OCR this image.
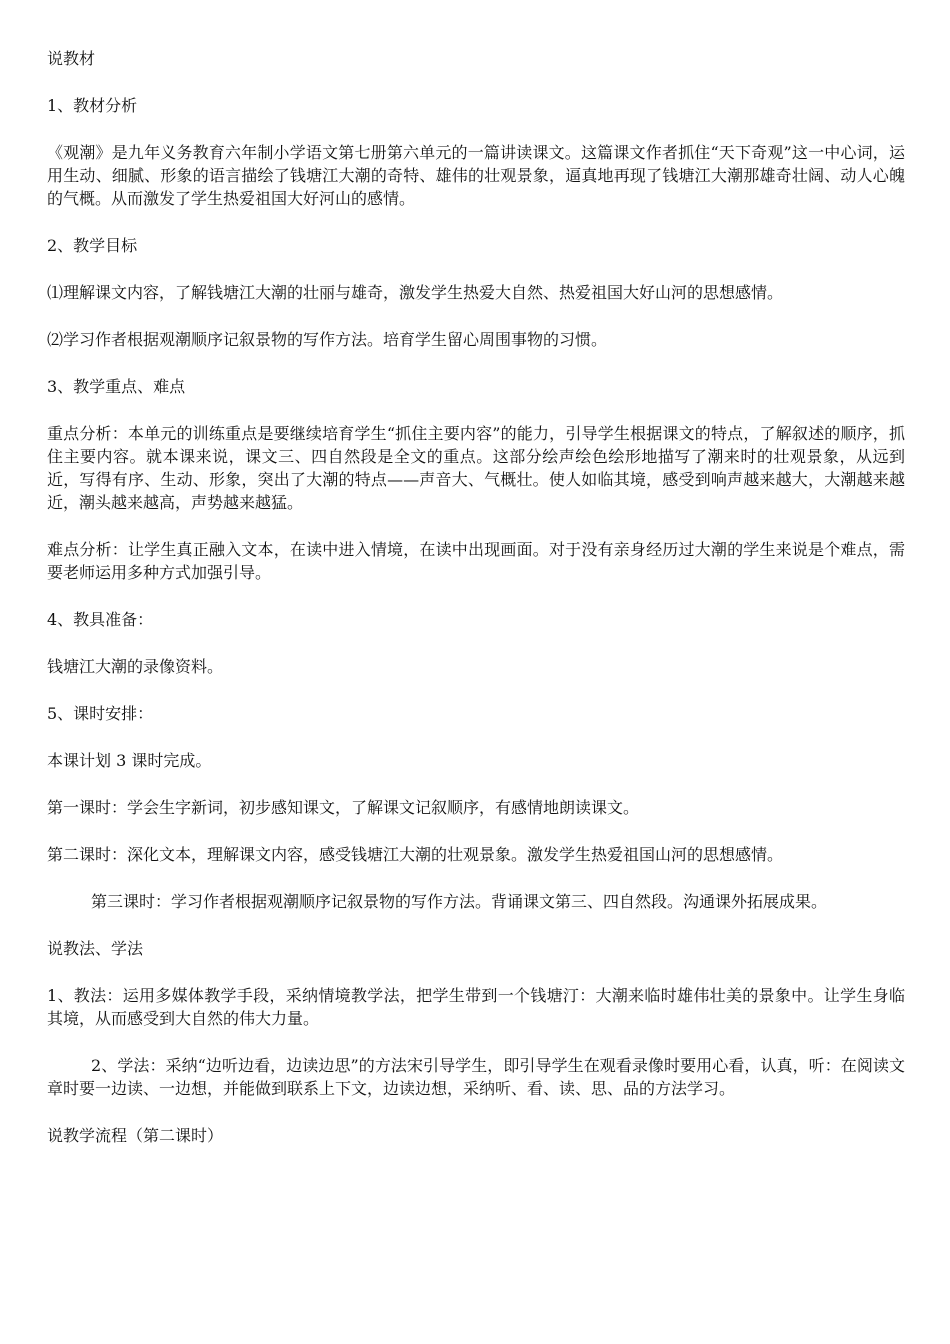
说教材

1、教材分析

《观潮》是九年义务教育六年制小学语文第七册第六单元的一篇讲读课文。这篇课文作者抓住“天下奇观”这一中心词，运用生动、细腻、形象的语言描绘了钱塘江大潮的奇特、雄伟的壮观景象，逼真地再现了钱塘江大潮那雄奇壮阔、动人心魄的气概。从而激发了学生热爱祖国大好河山的感情。

2、教学目标

⑴理解课文内容，了解钱塘江大潮的壮丽与雄奇，激发学生热爱大自然、热爱祖国大好山河的思想感情。

⑵学习作者根据观潮顺序记叙景物的写作方法。培育学生留心周围事物的习惯。

3、教学重点、难点

重点分析：本单元的训练重点是要继续培育学生“抓住主要内容”的能力，引导学生根据课文的特点，了解叙述的顺序，抓住主要内容。就本课来说，课文三、四自然段是全文的重点。这部分绘声绘色绘形地描写了潮来时的壮观景象，从远到近，写得有序、生动、形象，突出了大潮的特点——声音大、气概壮。使人如临其境，感受到响声越来越大，大潮越来越近，潮头越来越高，声势越来越猛。

难点分析：让学生真正融入文本，在读中进入情境，在读中出现画面。对于没有亲身经历过大潮的学生来说是个难点，需要老师运用多种方式加强引导。

4、教具准备：

钱塘江大潮的录像资料。

5、课时安排：

本课计划 3 课时完成。

第一课时：学会生字新词，初步感知课文，了解课文记叙顺序，有感情地朗读课文。

第二课时：深化文本，理解课文内容，感受钱塘江大潮的壮观景象。激发学生热爱祖国山河的思想感情。

第三课时：学习作者根据观潮顺序记叙景物的写作方法。背诵课文第三、四自然段。沟通课外拓展成果。

说教法、学法

1、教法：运用多媒体教学手段，采纳情境教学法，把学生带到一个钱塘汀：大潮来临时雄伟壮美的景象中。让学生身临其境，从而感受到大自然的伟大力量。

2、学法：采纳“边听边看，边读边思”的方法宋引导学生，即引导学生在观看录像时要用心看，认真，听：在阅读文章时要一边读、一边想，并能做到联系上下文，边读边想，采纳听、看、读、思、品的方法学习。

说教学流程（第二课时）
